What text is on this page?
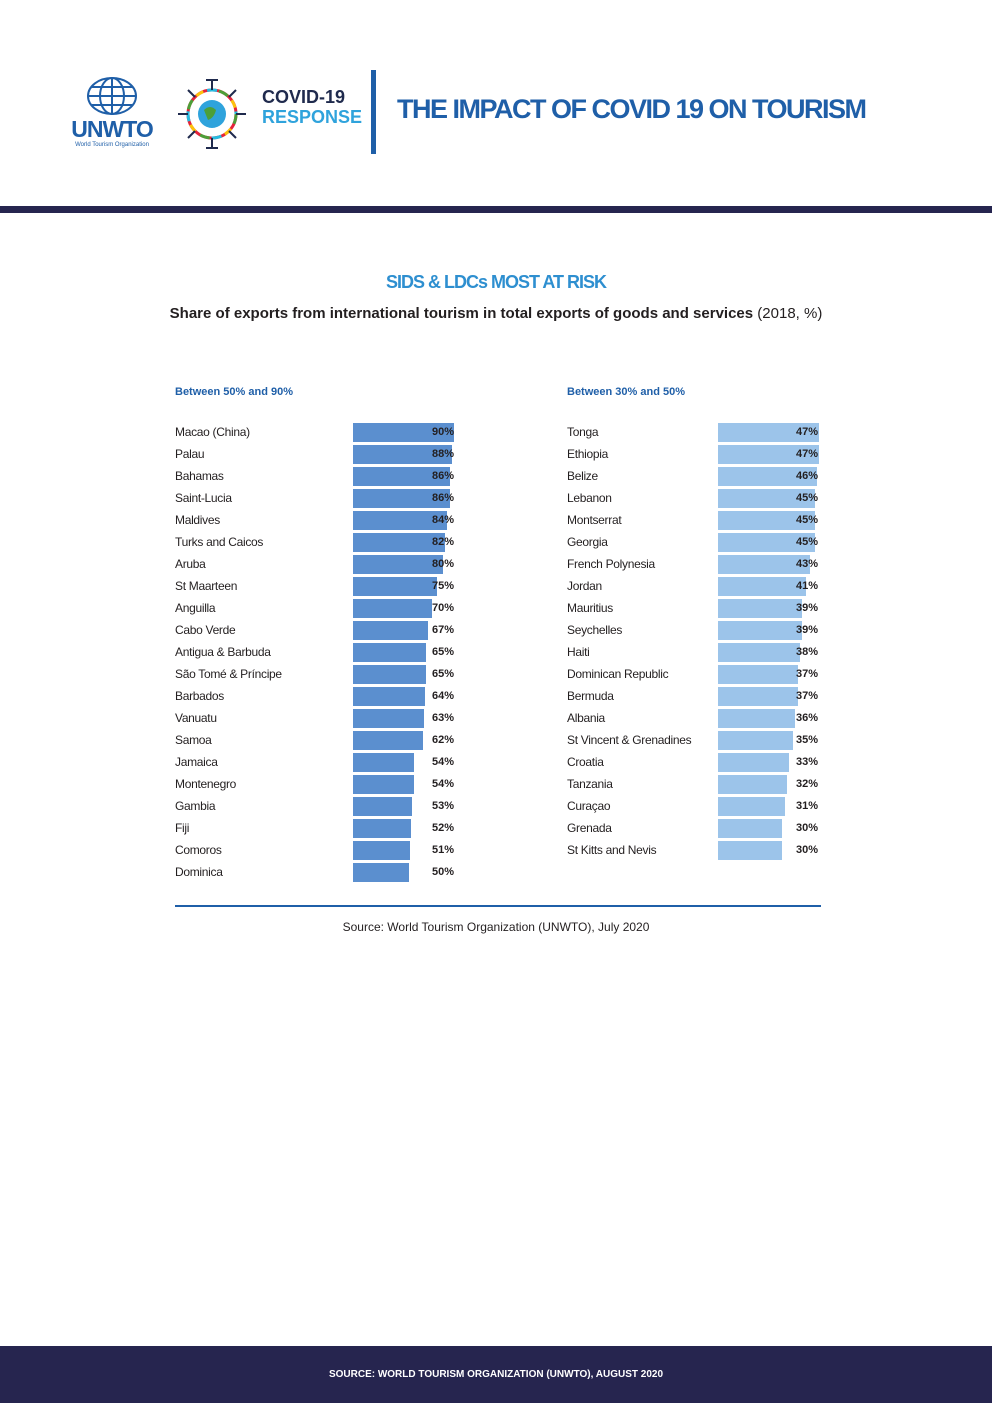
UNWTO
World Tourism Organization
COVID-19
RESPONSE THE IMPACT OF COVID 19 ON TOURISM
SIDS & LDCs MOST AT RISK
Share of exports from international tourism in total exports of goods and services (2018, %)
Between 50% and 90%	Between 30% and 50%
Macao (China)	90%
Palau	88%
Bahamas	86%
Saint-Lucia	86%
Maldives	84%
Turks and Caicos	82%
Aruba	80%
St Maarteen	75%
Anguilla	70%
Cabo Verde	67%
Antigua & Barbuda	65%
São Tomé & Príncipe	65%
Barbados	64%
Vanuatu	63%
Samoa	62%
Jamaica	54%
Montenegro	54%
Gambia	53%
Fiji	52%
Comoros	51%
Dominica	50%
Tonga	47%
Ethiopia	47%
Belize	46%
Lebanon	45%
Montserrat	45%
Georgia	45%
French Polynesia	43%
Jordan	41%
Mauritius	39%
Seychelles	39%
Haiti	38%
Dominican Republic	37%
Bermuda	37%
Albania	36%
St Vincent & Grenadines	35%
Croatia	33%
Tanzania	32%
Curaçao	31%
Grenada	30%
St Kitts and Nevis	30%
Source: World Tourism Organization (UNWTO), July 2020
SOURCE: WORLD TOURISM ORGANIZATION (UNWTO), AUGUST 2020
